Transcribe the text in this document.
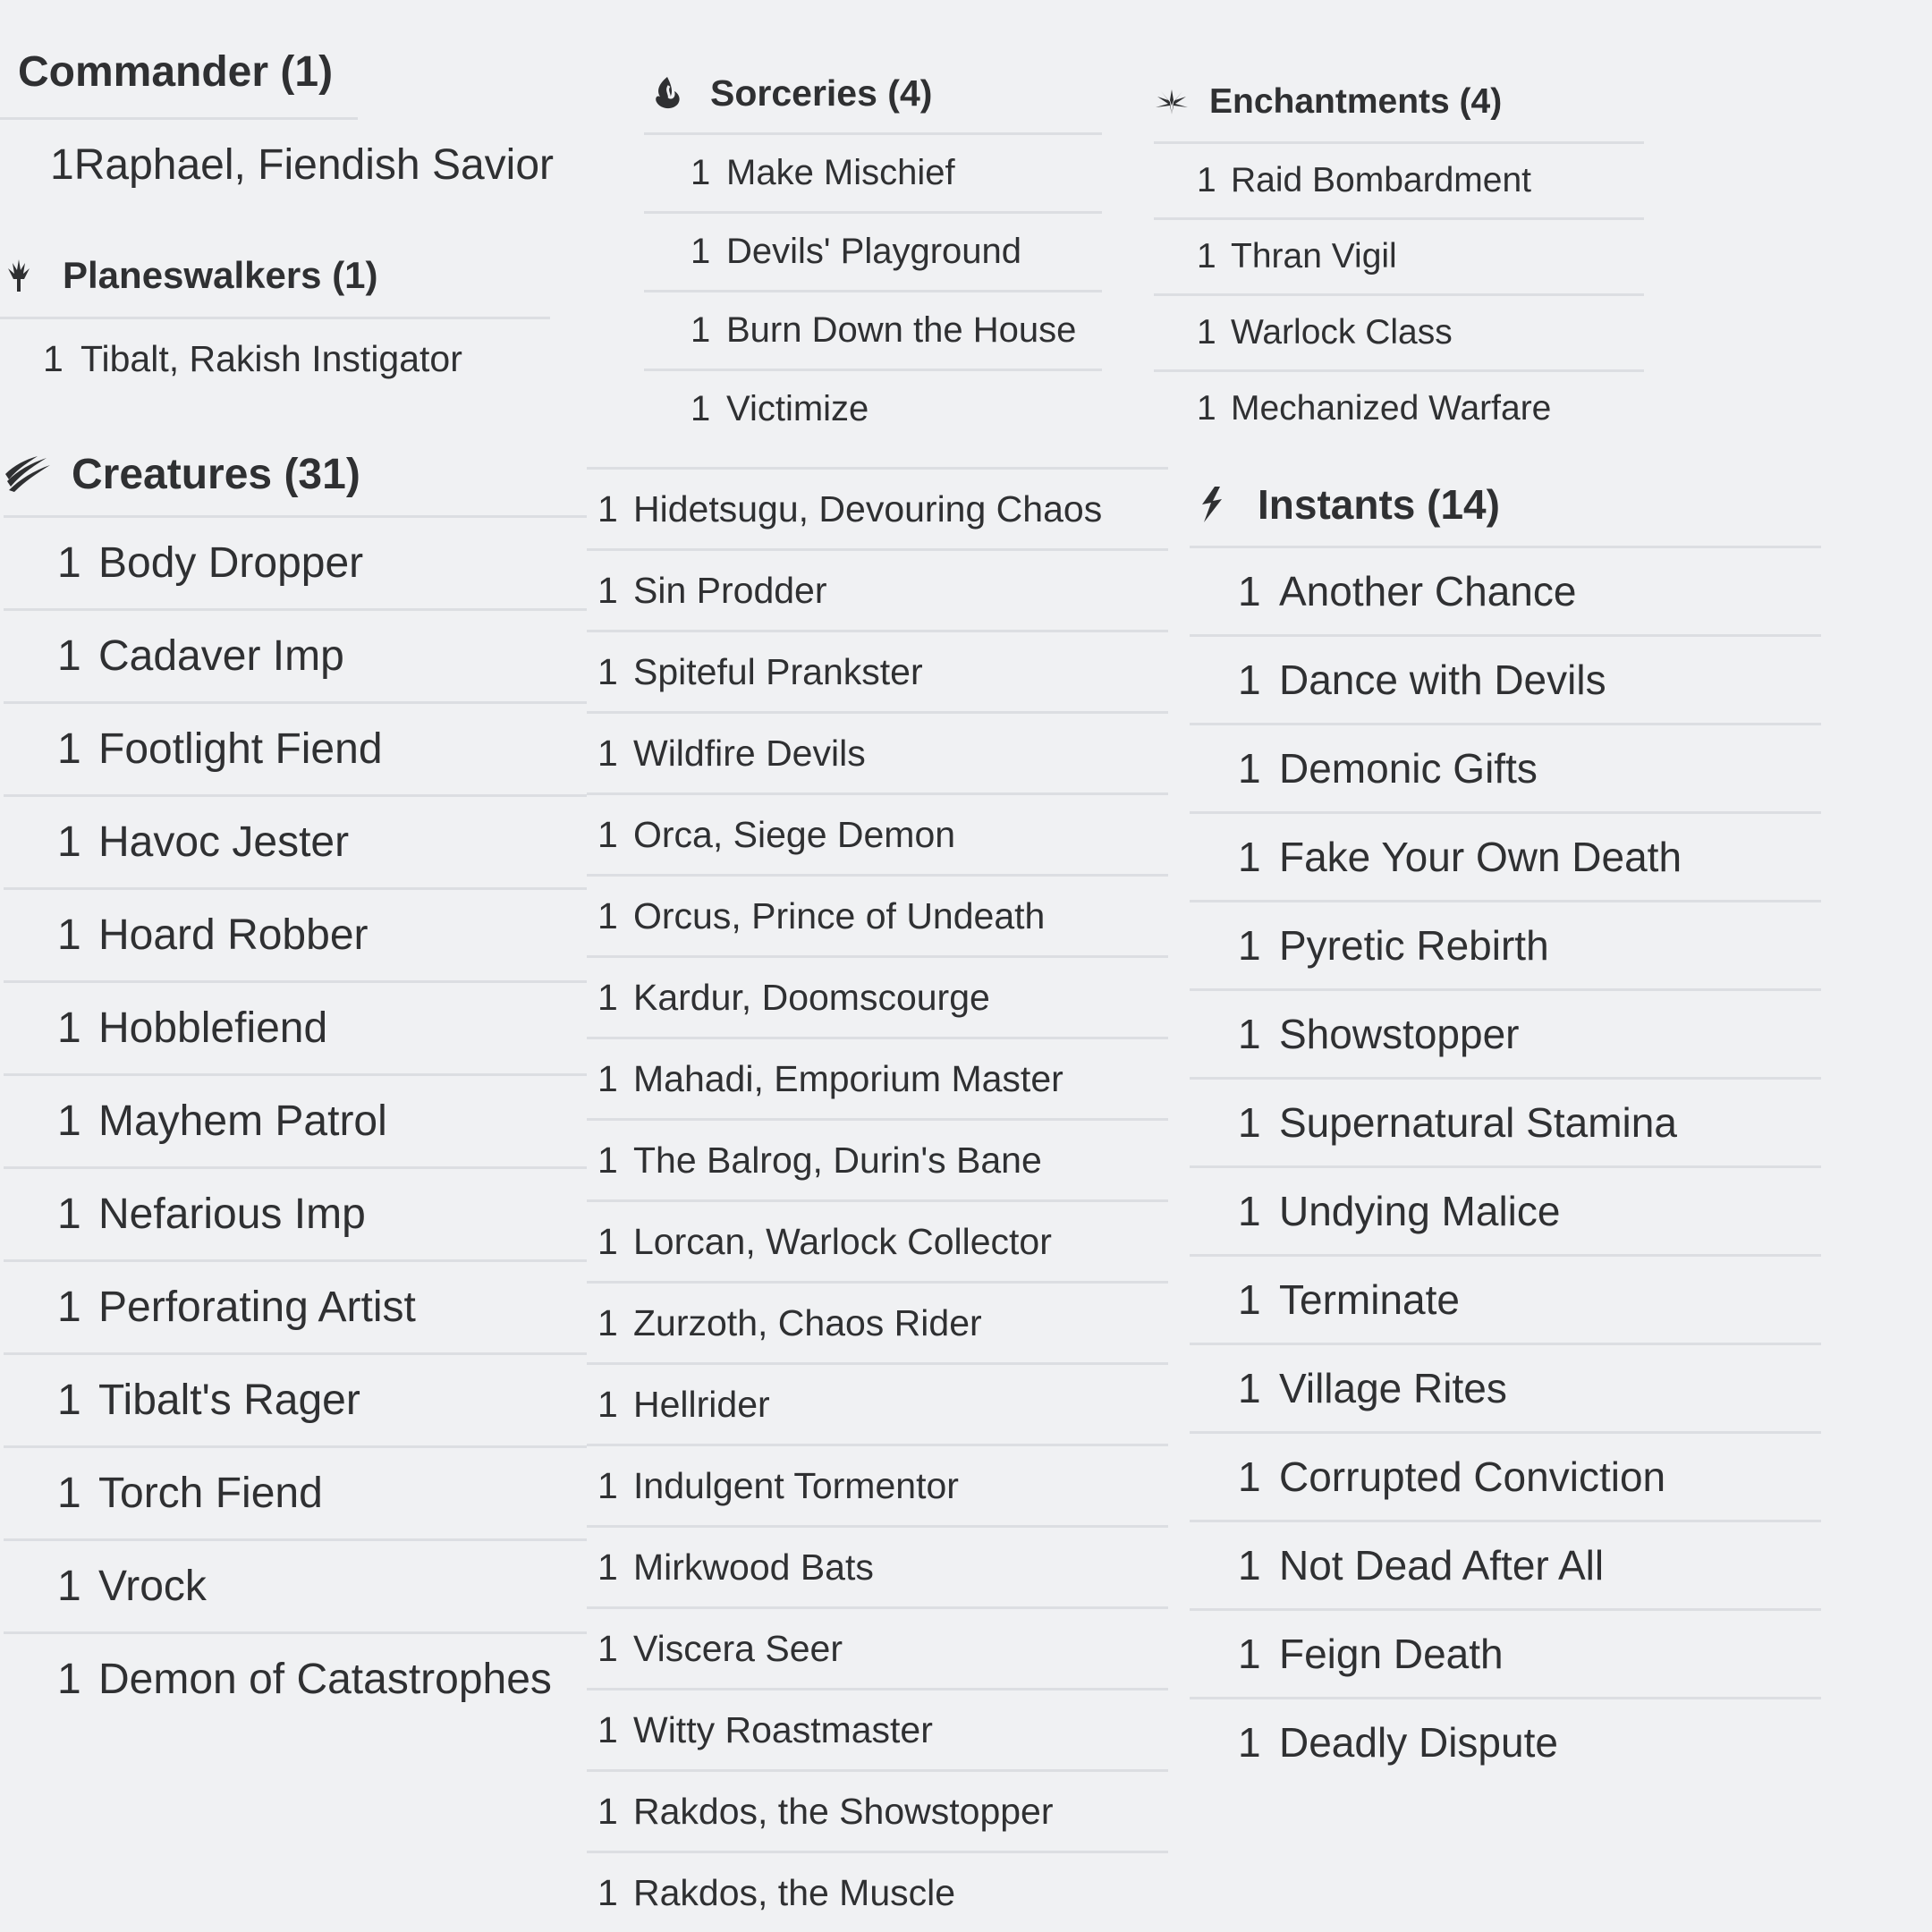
Commander (1)
1 Raphael, Fiendish Savior
Planeswalkers (1)
1 Tibalt, Rakish Instigator
Creatures (31)
1 Body Dropper
1 Cadaver Imp
1 Footlight Fiend
1 Havoc Jester
1 Hoard Robber
1 Hobblefiend
1 Mayhem Patrol
1 Nefarious Imp
1 Perforating Artist
1 Tibalt's Rager
1 Torch Fiend
1 Vrock
1 Demon of Catastrophes
Sorceries (4)
1 Make Mischief
1 Devils' Playground
1 Burn Down the House
1 Victimize
1 Hidetsugu, Devouring Chaos
1 Sin Prodder
1 Spiteful Prankster
1 Wildfire Devils
1 Orca, Siege Demon
1 Orcus, Prince of Undeath
1 Kardur, Doomscourge
1 Mahadi, Emporium Master
1 The Balrog, Durin's Bane
1 Lorcan, Warlock Collector
1 Zurzoth, Chaos Rider
1 Hellrider
1 Indulgent Tormentor
1 Mirkwood Bats
1 Viscera Seer
1 Witty Roastmaster
1 Rakdos, the Showstopper
1 Rakdos, the Muscle
Enchantments (4)
1 Raid Bombardment
1 Thran Vigil
1 Warlock Class
1 Mechanized Warfare
Instants (14)
1 Another Chance
1 Dance with Devils
1 Demonic Gifts
1 Fake Your Own Death
1 Pyretic Rebirth
1 Showstopper
1 Supernatural Stamina
1 Undying Malice
1 Terminate
1 Village Rites
1 Corrupted Conviction
1 Not Dead After All
1 Feign Death
1 Deadly Dispute
